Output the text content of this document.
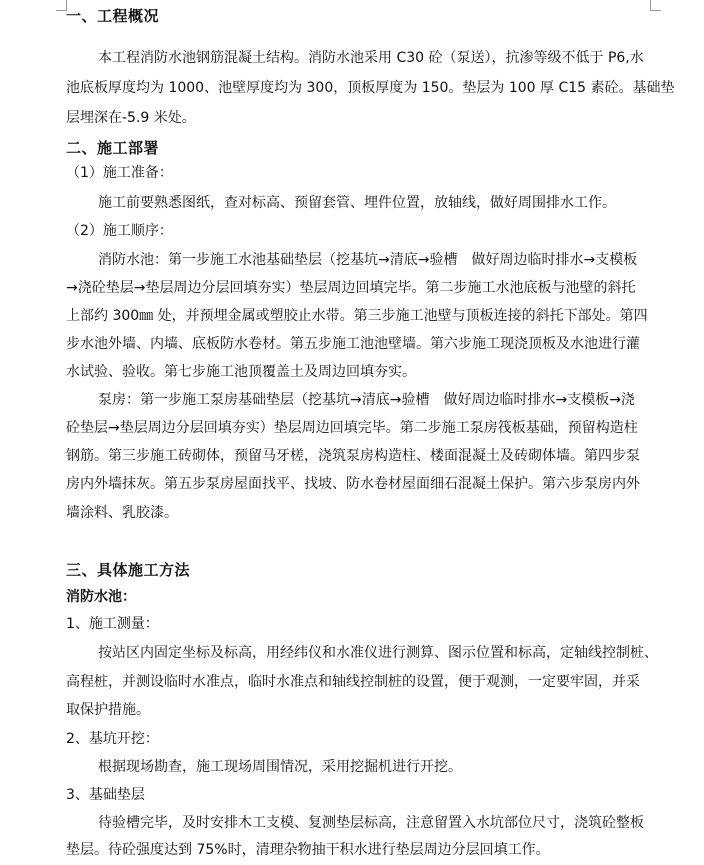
一、工程概况
本工程消防水池钢筋混凝土结构。消防水池采用 C30 砼（泵送），抗渗等级不低于 P6,水
池底板厚度均为 1000、池壁厚度均为 300，顶板厚度为 150。垫层为 100 厚 C15 素砼。基础垫
层埋深在-5.9 米处。
二、施工部署
（1）施工准备：
施工前要熟悉图纸，查对标高、预留套管、埋件位置，放轴线，做好周围排水工作。
（2）施工顺序：
消防水池：第一步施工水池基础垫层（挖基坑→清底→验槽　做好周边临时排水→支模板
→浇砼垫层→垫层周边分层回填夯实）垫层周边回填完毕。第二步施工水池底板与池壁的斜托
上部约 300㎜ 处，并预埋金属或塑胶止水带。第三步施工池壁与顶板连接的斜托下部处。第四
步水池外墙、内墙、底板防水卷材。第五步施工池池壁墙。第六步施工现浇顶板及水池进行灌
水试验、验收。第七步施工池顶覆盖土及周边回填夯实。
泵房：第一步施工泵房基础垫层（挖基坑→清底→验槽　做好周边临时排水→支模板→浇
砼垫层→垫层周边分层回填夯实）垫层周边回填完毕。第二步施工泵房筏板基础，预留构造柱
钢筋。第三步施工砖砌体，预留马牙槎，浇筑泵房构造柱、楼面混凝土及砖砌体墙。第四步泵
房内外墙抹灰。第五步泵房屋面找平、找坡、防水卷材屋面细石混凝土保护。第六步泵房内外
墙涂料、乳胶漆。
三、具体施工方法
消防水池：
1、施工测量：
按站区内固定坐标及标高，用经纬仪和水准仪进行测算、图示位置和标高，定轴线控制桩、
高程桩，并测设临时水准点，临时水准点和轴线控制桩的设置，便于观测，一定要牢固，并采
取保护措施。
2、基坑开挖：
根据现场勘查，施工现场周围情况，采用挖掘机进行开挖。
3、基础垫层
待验槽完毕，及时安排木工支模、复测垫层标高，注意留置入水坑部位尺寸，浇筑砼整板
垫层。待砼强度达到 75%时，清理杂物抽干积水进行垫层周边分层回填工作。
